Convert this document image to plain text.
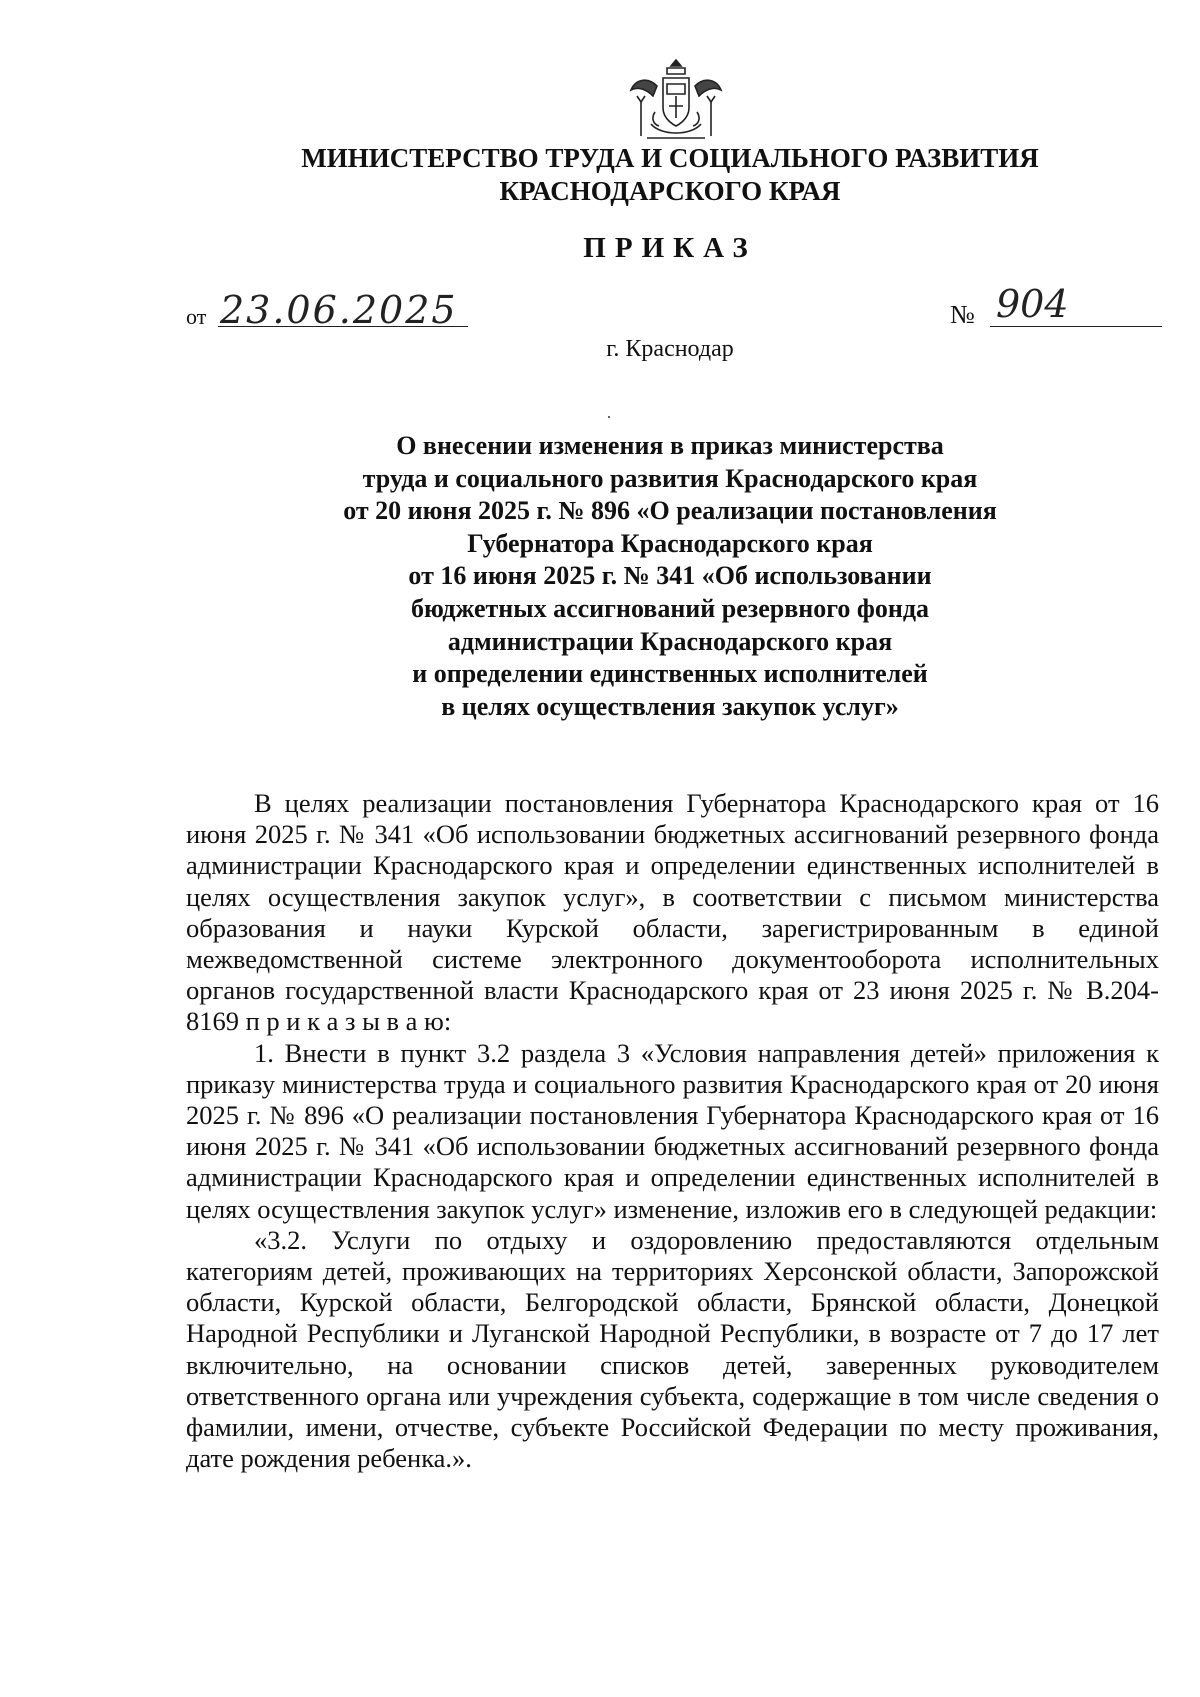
МИНИСТЕРСТВО ТРУДА И СОЦИАЛЬНОГО РАЗВИТИЯ
КРАСНОДАРСКОГО КРАЯ
ПРИКАЗ
от 23.06.2025	№ 904
г. Краснодар
О внесении изменения в приказ министерства
труда и социального развития Краснодарского края
от 20 июня 2025 г. № 896 «О реализации постановления
Губернатора Краснодарского края
от 16 июня 2025 г. № 341 «Об использовании
бюджетных ассигнований резервного фонда
администрации Краснодарского края
и определении единственных исполнителей
в целях осуществления закупок услуг»

В целях реализации постановления Губернатора Краснодарского края от 16 июня 2025 г. № 341 «Об использовании бюджетных ассигнований резервного фонда администрации Краснодарского края и определении единственных исполнителей в целях осуществления закупок услуг», в соответствии с письмом министерства образования и науки Курской области, зарегистрированным в единой межведомственной системе электронного документооборота исполнительных органов государственной власти Краснодарского края от 23 июня 2025 г. № В.204-8169 п р и к а з ы в а ю:

1. Внести в пункт 3.2 раздела 3 «Условия направления детей» приложения к приказу министерства труда и социального развития Краснодарского края от 20 июня 2025 г. № 896 «О реализации постановления Губернатора Краснодарского края от 16 июня 2025 г. № 341 «Об использовании бюджетных ассигнований резервного фонда администрации Краснодарского края и определении единственных исполнителей в целях осуществления закупок услуг» изменение, изложив его в следующей редакции:

«3.2. Услуги по отдыху и оздоровлению предоставляются отдельным категориям детей, проживающих на территориях Херсонской области, Запорожской области, Курской области, Белгородской области, Брянской области, Донецкой Народной Республики и Луганской Народной Республики, в возрасте от 7 до 17 лет включительно, на основании списков детей, заверенных руководителем ответственного органа или учреждения субъекта, содержащие в том числе сведения о фамилии, имени, отчестве, субъекте Российской Федерации по месту проживания, дате рождения ребенка.».
